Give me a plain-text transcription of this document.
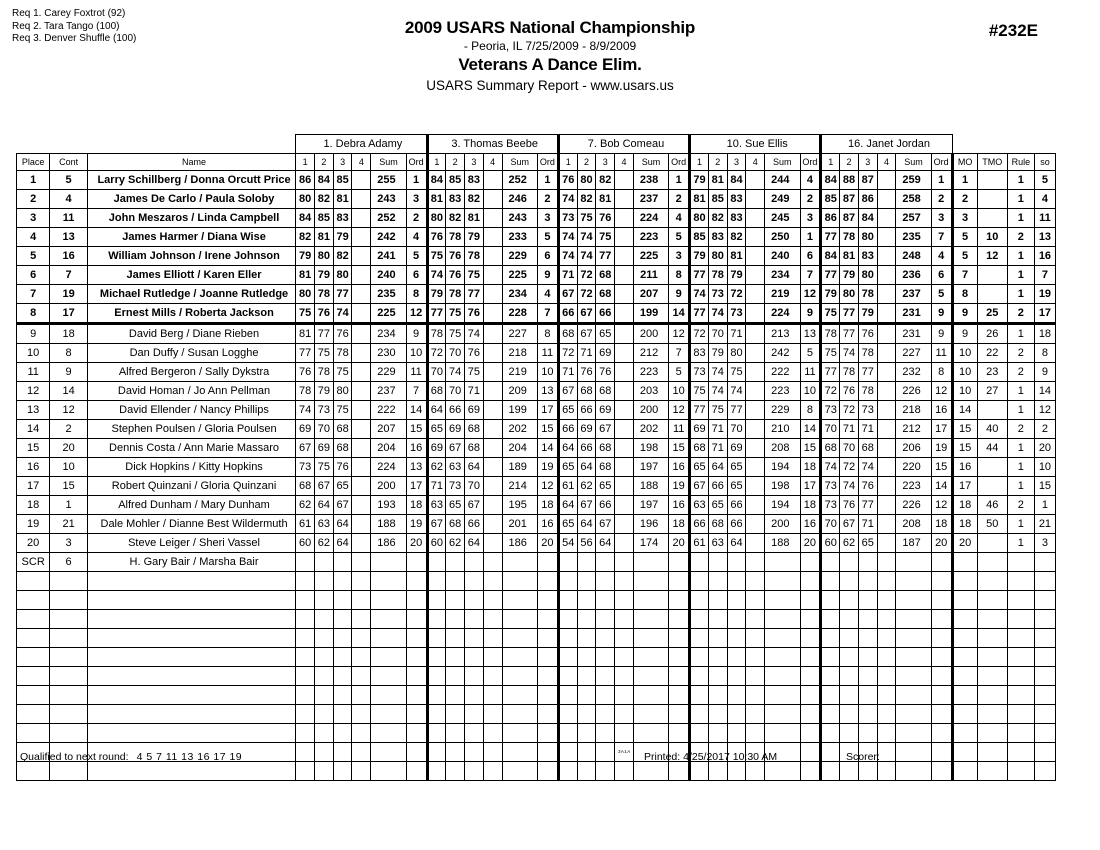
Req 1. Carey Foxtrot (92)
Req 2. Tara Tango (100)
Req 3. Denver Shuffle (100)
2009 USARS National Championship
- Peoria, IL 7/25/2009 - 8/9/2009
Veterans A Dance Elim.
USARS Summary Report - www.usars.us
#232E
			1. Debra Adamy						3. Thomas Beebe						7. Bob Comeau						10. Sue Ellis						16. Janet Jordan									
Place	Cont	Name	1	2	3	4	Sum	Ord	1	2	3	4	Sum	Ord	1	2	3	4	Sum	Ord	1	2	3	4	Sum	Ord	1	2	3	4	Sum	Ord	MO	TMO	Rule	so
1	5	Larry Schillberg / Donna Orcutt Price	86	84	85		255	1	84	85	83		252	1	76	80	82		238	1	79	81	84		244	4	84	88	87		259	1	1		1	5
2	4	James De Carlo / Paula Soloby	80	82	81		243	3	81	83	82		246	2	74	82	81		237	2	81	85	83		249	2	85	87	86		258	2	2		1	4
3	11	John Meszaros / Linda Campbell	84	85	83		252	2	80	82	81		243	3	73	75	76		224	4	80	82	83		245	3	86	87	84		257	3	3		1	11
4	13	James Harmer / Diana Wise	82	81	79		242	4	76	78	79		233	5	74	74	75		223	5	85	83	82		250	1	77	78	80		235	7	5	10	2	13
5	16	William Johnson / Irene Johnson	79	80	82		241	5	75	76	78		229	6	74	74	77		225	3	79	80	81		240	6	84	81	83		248	4	5	12	1	16
6	7	James Elliott / Karen Eller	81	79	80		240	6	74	76	75		225	9	71	72	68		211	8	77	78	79		234	7	77	79	80		236	6	7		1	7
7	19	Michael Rutledge / Joanne Rutledge	80	78	77		235	8	79	78	77		234	4	67	72	68		207	9	74	73	72		219	12	79	80	78		237	5	8		1	19
8	17	Ernest Mills / Roberta Jackson	75	76	74		225	12	77	75	76		228	7	66	67	66		199	14	77	74	73		224	9	75	77	79		231	9	9	25	2	17
9	18	David Berg / Diane Rieben	81	77	76		234	9	78	75	74		227	8	68	67	65		200	12	72	70	71		213	13	78	77	76		231	9	9	26	1	18
10	8	Dan Duffy / Susan Logghe	77	75	78		230	10	72	70	76		218	11	72	71	69		212	7	83	79	80		242	5	75	74	78		227	11	10	22	2	8
11	9	Alfred Bergeron / Sally Dykstra	76	78	75		229	11	70	74	75		219	10	71	76	76		223	5	73	74	75		222	11	77	78	77		232	8	10	23	2	9
12	14	David Homan / Jo Ann Pellman	78	79	80		237	7	68	70	71		209	13	67	68	68		203	10	75	74	74		223	10	72	76	78		226	12	10	27	1	14
13	12	David Ellender / Nancy Phillips	74	73	75		222	14	64	66	69		199	17	65	66	69		200	12	77	75	77		229	8	73	72	73		218	16	14		1	12
14	2	Stephen Poulsen / Gloria Poulsen	69	70	68		207	15	65	69	68		202	15	66	69	67		202	11	69	71	70		210	14	70	71	71		212	17	15	40	2	2
15	20	Dennis Costa / Ann Marie Massaro	67	69	68		204	16	69	67	68		204	14	64	66	68		198	15	68	71	69		208	15	68	70	68		206	19	15	44	1	20
16	10	Dick Hopkins / Kitty Hopkins	73	75	76		224	13	62	63	64		189	19	65	64	68		197	16	65	64	65		194	18	74	72	74		220	15	16		1	10
17	15	Robert Quinzani / Gloria Quinzani	68	67	65		200	17	71	73	70		214	12	61	62	65		188	19	67	66	65		198	17	73	74	76		223	14	17		1	15
18	1	Alfred Dunham / Mary Dunham	62	64	67		193	18	63	65	67		195	18	64	67	66		197	16	63	65	66		194	18	73	76	77		226	12	18	46	2	1
19	21	Dale Mohler / Dianne Best Wildermuth	61	63	64		188	19	67	68	66		201	16	65	64	67		196	18	66	68	66		200	16	70	67	71		208	18	18	50	1	21
20	3	Steve Leiger / Sheri Vassel	60	62	64		186	20	60	62	64		186	20	54	56	64		174	20	61	63	64		188	20	60	62	65		187	20	20		1	3
SCR	6	H. Gary Bair / Marsha Bair																																		

Qualified to next round: 4 5 7 11 13 16 17 19	3A1A Printed: 4/25/2017 10:30 AM	Scorer:
